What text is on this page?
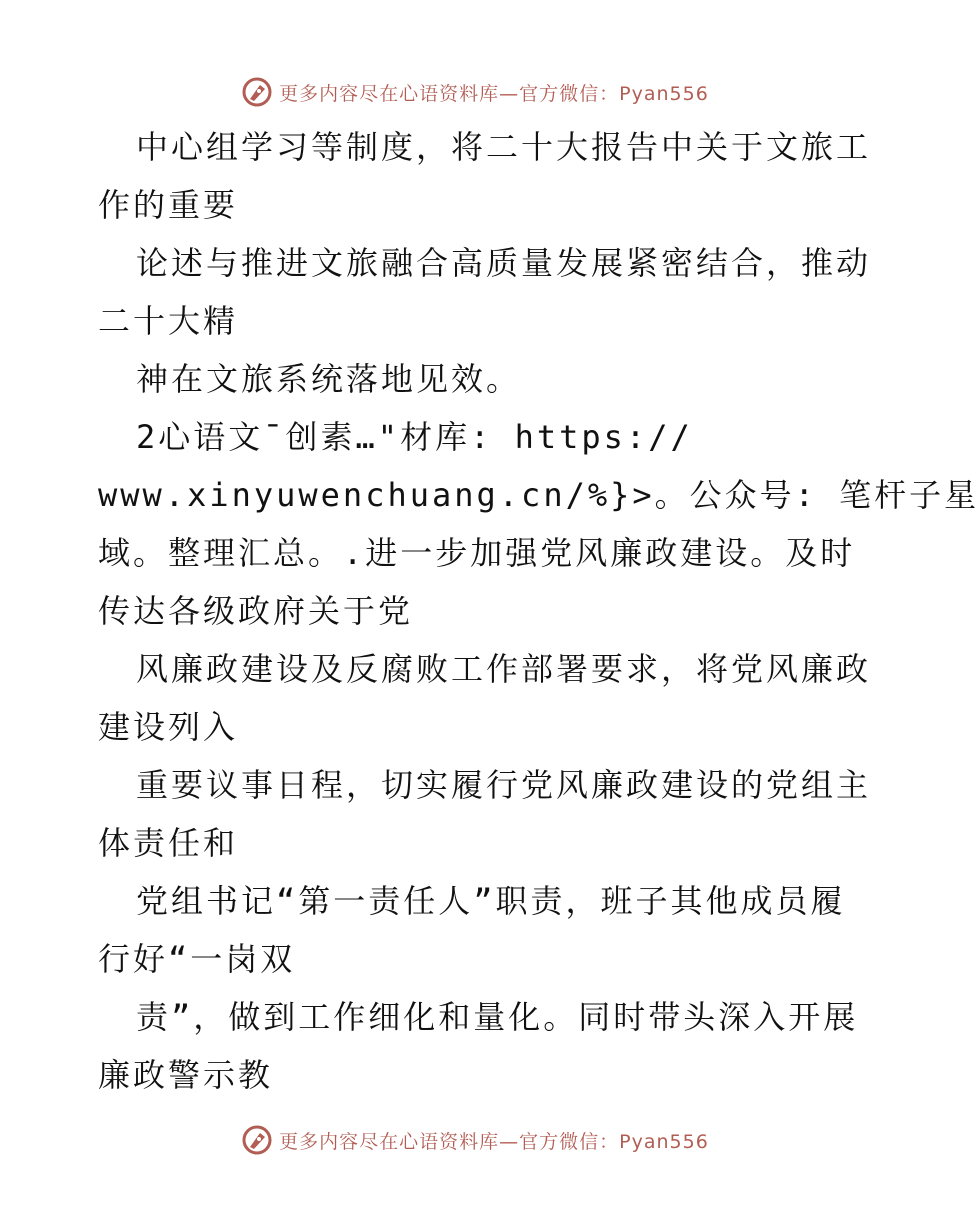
更多内容尽在心语资料库—官方微信：Pyan556
中心组学习等制度，将二十大报告中关于文旅工
作的重要
论述与推进文旅融合高质量发展紧密结合，推动
二十大精
神在文旅系统落地见效。
2心语文¯创素…"材库: https://
www.xinyuwenchuang.cn/%}>。公众号: 笔杆子星
域。整理汇总。.进一步加强党风廉政建设。及时
传达各级政府关于党
风廉政建设及反腐败工作部署要求，将党风廉政
建设列入
重要议事日程，切实履行党风廉政建设的党组主
体责任和
党组书记“第一责任人”职责，班子其他成员履
行好“一岗双
责”，做到工作细化和量化。同时带头深入开展
廉政警示教
更多内容尽在心语资料库—官方微信：Pyan556
